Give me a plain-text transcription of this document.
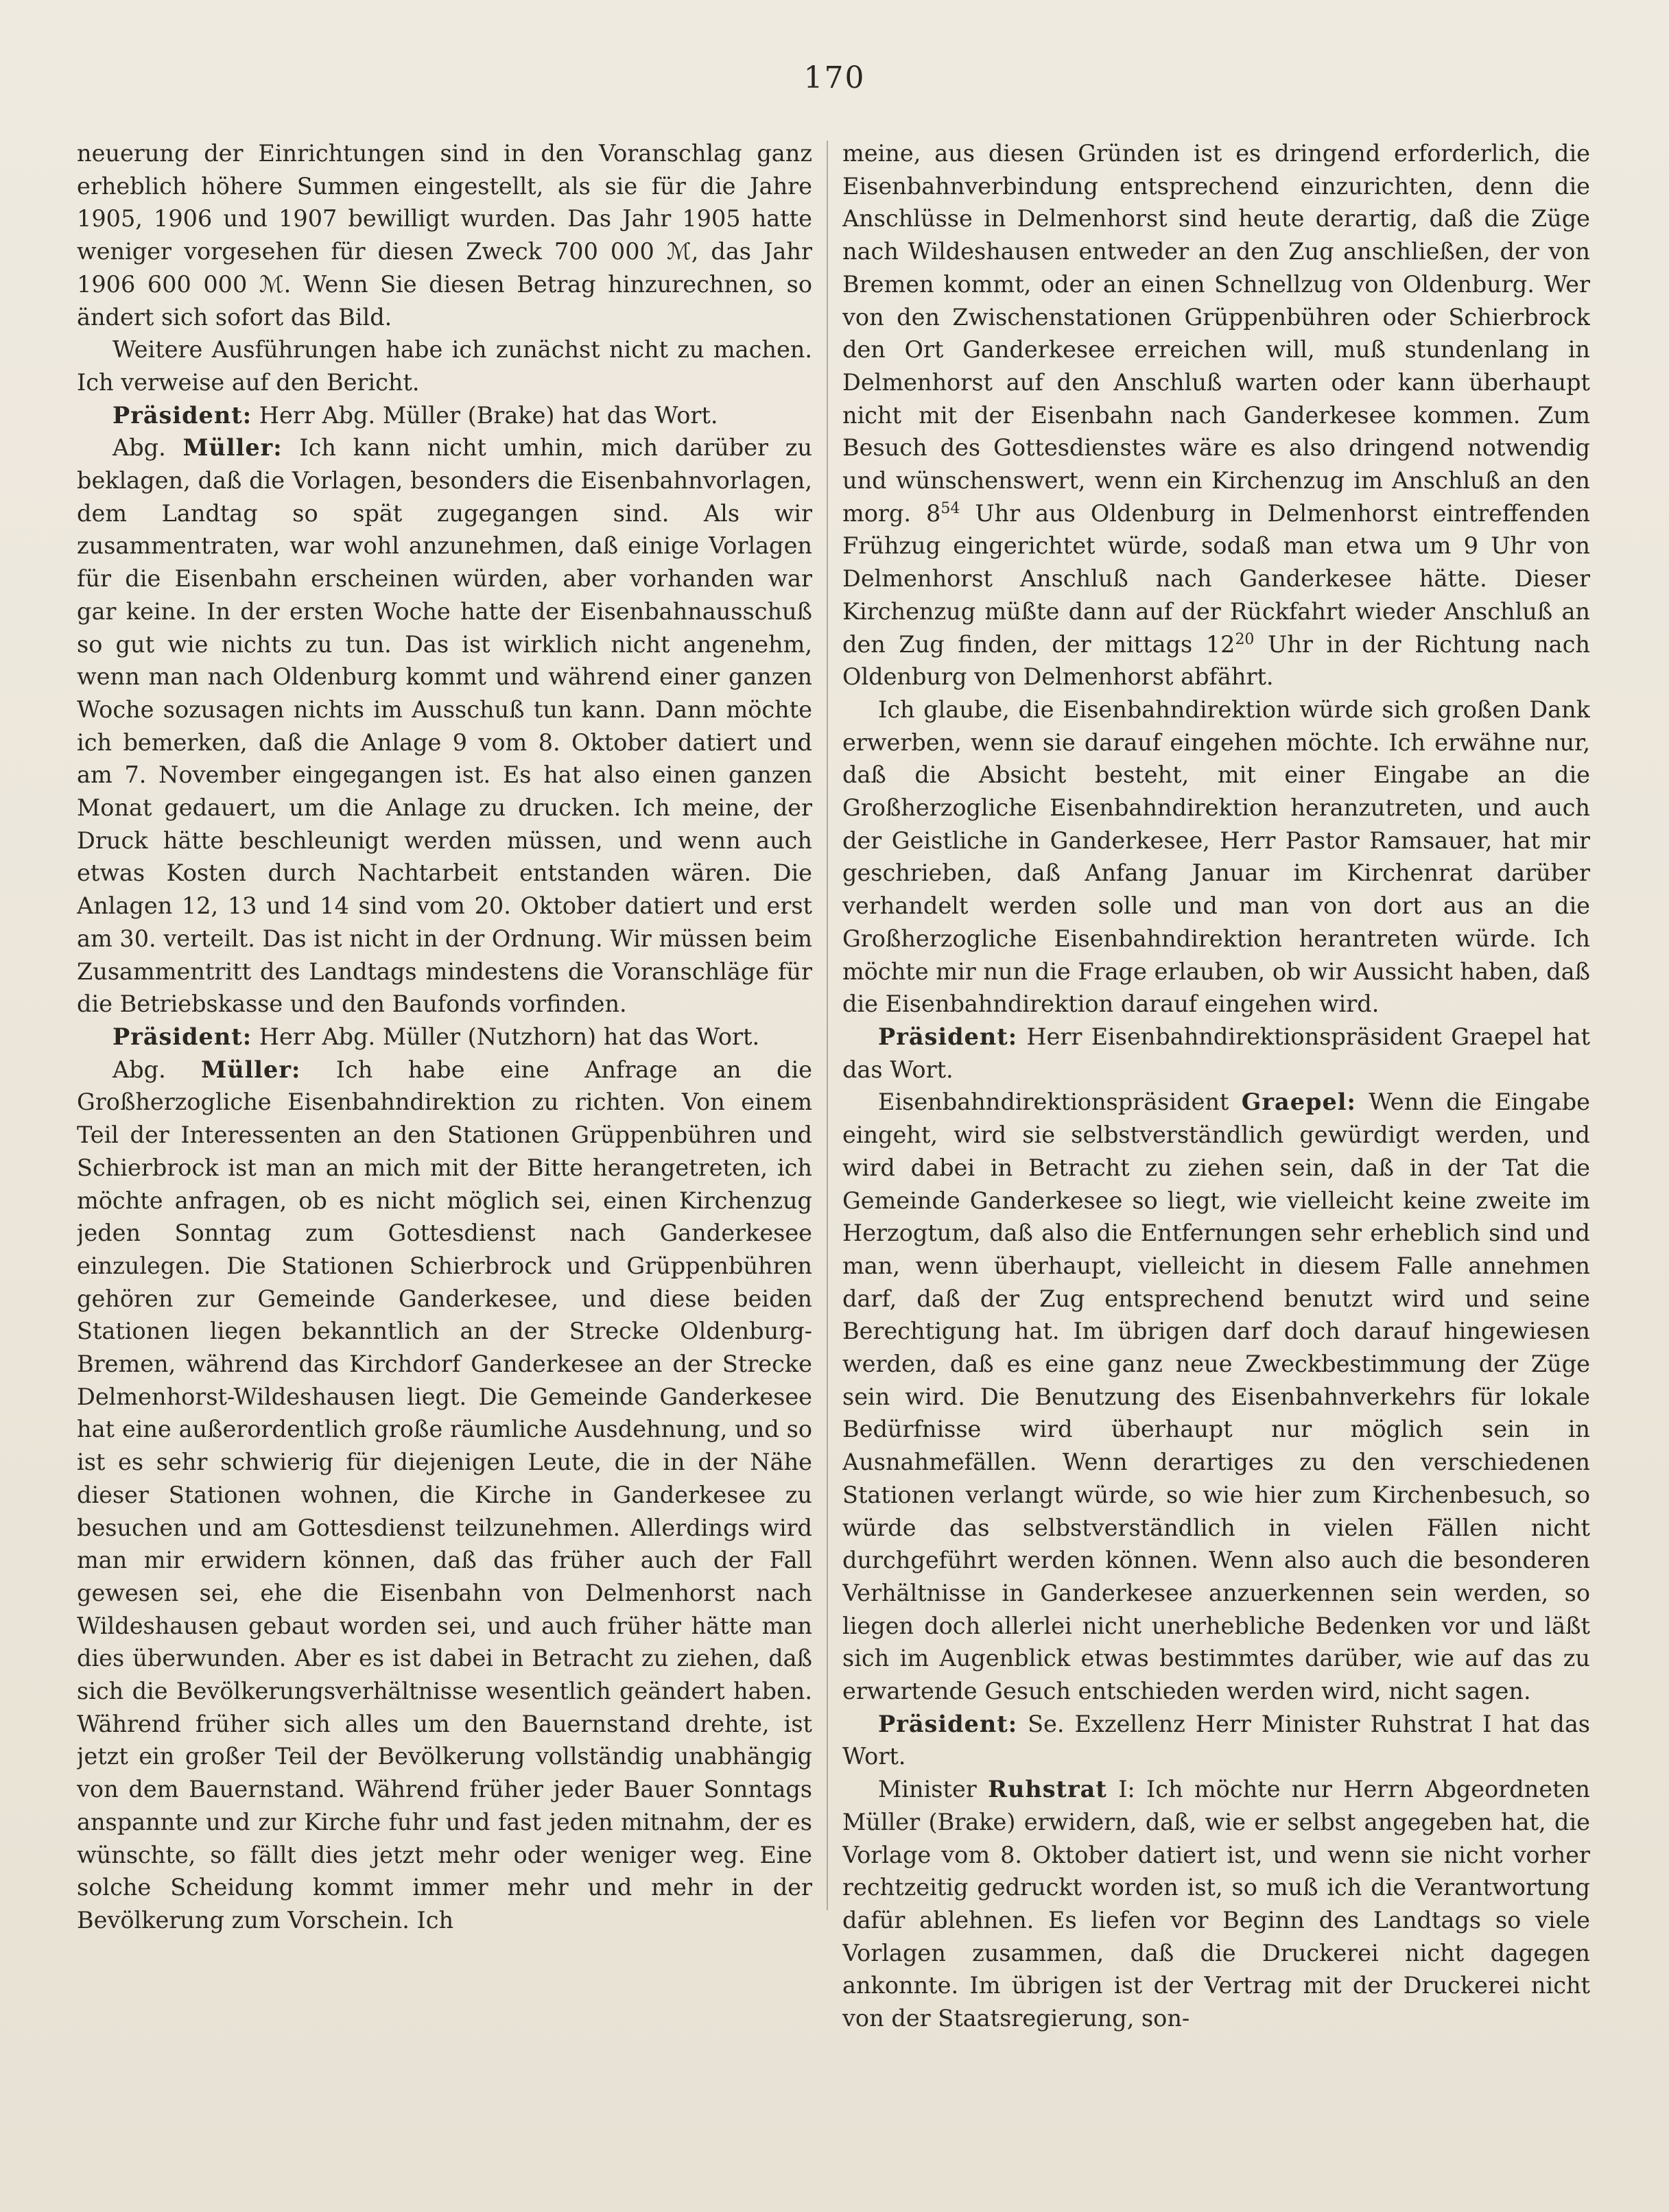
170

neuerung der Einrichtungen sind in den Voranschlag ganz erheblich höhere Summen eingestellt, als sie für die Jahre 1905, 1906 und 1907 bewilligt wurden. Das Jahr 1905 hatte weniger vorgesehen für diesen Zweck 700 000 ℳ, das Jahr 1906 600 000 ℳ. Wenn Sie diesen Betrag hinzurechnen, so ändert sich sofort das Bild.

Weitere Ausführungen habe ich zunächst nicht zu machen. Ich verweise auf den Bericht.

Präsident: Herr Abg. Müller (Brake) hat das Wort.

Abg. Müller: Ich kann nicht umhin, mich darüber zu beklagen, daß die Vorlagen, besonders die Eisenbahnvorlagen, dem Landtag so spät zugegangen sind. Als wir zusammentraten, war wohl anzunehmen, daß einige Vorlagen für die Eisenbahn erscheinen würden, aber vorhanden war gar keine. In der ersten Woche hatte der Eisenbahnausschuß so gut wie nichts zu tun. Das ist wirklich nicht angenehm, wenn man nach Oldenburg kommt und während einer ganzen Woche sozusagen nichts im Ausschuß tun kann. Dann möchte ich bemerken, daß die Anlage 9 vom 8. Oktober datiert und am 7. November eingegangen ist. Es hat also einen ganzen Monat gedauert, um die Anlage zu drucken. Ich meine, der Druck hätte beschleunigt werden müssen, und wenn auch etwas Kosten durch Nachtarbeit entstanden wären. Die Anlagen 12, 13 und 14 sind vom 20. Oktober datiert und erst am 30. verteilt. Das ist nicht in der Ordnung. Wir müssen beim Zusammentritt des Landtags mindestens die Voranschläge für die Betriebskasse und den Baufonds vorfinden.

Präsident: Herr Abg. Müller (Nutzhorn) hat das Wort.

Abg. Müller: Ich habe eine Anfrage an die Großherzogliche Eisenbahndirektion zu richten. Von einem Teil der Interessenten an den Stationen Grüppenbühren und Schierbrock ist man an mich mit der Bitte herangetreten, ich möchte anfragen, ob es nicht möglich sei, einen Kirchenzug jeden Sonntag zum Gottesdienst nach Ganderkesee einzulegen. Die Stationen Schierbrock und Grüppenbühren gehören zur Gemeinde Ganderkesee, und diese beiden Stationen liegen bekanntlich an der Strecke Oldenburg-Bremen, während das Kirchdorf Ganderkesee an der Strecke Delmenhorst-Wildeshausen liegt. Die Gemeinde Ganderkesee hat eine außerordentlich große räumliche Ausdehnung, und so ist es sehr schwierig für diejenigen Leute, die in der Nähe dieser Stationen wohnen, die Kirche in Ganderkesee zu besuchen und am Gottesdienst teilzunehmen. Allerdings wird man mir erwidern können, daß das früher auch der Fall gewesen sei, ehe die Eisenbahn von Delmenhorst nach Wildeshausen gebaut worden sei, und auch früher hätte man dies überwunden. Aber es ist dabei in Betracht zu ziehen, daß sich die Bevölkerungsverhältnisse wesentlich geändert haben. Während früher sich alles um den Bauernstand drehte, ist jetzt ein großer Teil der Bevölkerung vollständig unabhängig von dem Bauernstand. Während früher jeder Bauer Sonntags anspannte und zur Kirche fuhr und fast jeden mitnahm, der es wünschte, so fällt dies jetzt mehr oder weniger weg. Eine solche Scheidung kommt immer mehr und mehr in der Bevölkerung zum Vorschein. Ich

meine, aus diesen Gründen ist es dringend erforderlich, die Eisenbahnverbindung entsprechend einzurichten, denn die Anschlüsse in Delmenhorst sind heute derartig, daß die Züge nach Wildeshausen entweder an den Zug anschließen, der von Bremen kommt, oder an einen Schnellzug von Oldenburg. Wer von den Zwischenstationen Grüppenbühren oder Schierbrock den Ort Ganderkesee erreichen will, muß stundenlang in Delmenhorst auf den Anschluß warten oder kann überhaupt nicht mit der Eisenbahn nach Ganderkesee kommen. Zum Besuch des Gottesdienstes wäre es also dringend notwendig und wünschenswert, wenn ein Kirchenzug im Anschluß an den morg. $8^{54}$ Uhr aus Oldenburg in Delmenhorst eintreffenden Frühzug eingerichtet würde, sodaß man etwa um 9 Uhr von Delmenhorst Anschluß nach Ganderkesee hätte. Dieser Kirchenzug müßte dann auf der Rückfahrt wieder Anschluß an den Zug finden, der mittags $12^{20}$ Uhr in der Richtung nach Oldenburg von Delmenhorst abfährt.

Ich glaube, die Eisenbahndirektion würde sich großen Dank erwerben, wenn sie darauf eingehen möchte. Ich erwähne nur, daß die Absicht besteht, mit einer Eingabe an die Großherzogliche Eisenbahndirektion heranzutreten, und auch der Geistliche in Ganderkesee, Herr Pastor Ramsauer, hat mir geschrieben, daß Anfang Januar im Kirchenrat darüber verhandelt werden solle und man von dort aus an die Großherzogliche Eisenbahndirektion herantreten würde. Ich möchte mir nun die Frage erlauben, ob wir Aussicht haben, daß die Eisenbahndirektion darauf eingehen wird.

Präsident: Herr Eisenbahndirektionspräsident Graepel hat das Wort.

Eisenbahndirektionspräsident Graepel: Wenn die Eingabe eingeht, wird sie selbstverständlich gewürdigt werden, und wird dabei in Betracht zu ziehen sein, daß in der Tat die Gemeinde Ganderkesee so liegt, wie vielleicht keine zweite im Herzogtum, daß also die Entfernungen sehr erheblich sind und man, wenn überhaupt, vielleicht in diesem Falle annehmen darf, daß der Zug entsprechend benutzt wird und seine Berechtigung hat. Im übrigen darf doch darauf hingewiesen werden, daß es eine ganz neue Zweckbestimmung der Züge sein wird. Die Benutzung des Eisenbahnverkehrs für lokale Bedürfnisse wird überhaupt nur möglich sein in Ausnahmefällen. Wenn derartiges zu den verschiedenen Stationen verlangt würde, so wie hier zum Kirchenbesuch, so würde das selbstverständlich in vielen Fällen nicht durchgeführt werden können. Wenn also auch die besonderen Verhältnisse in Ganderkesee anzuerkennen sein werden, so liegen doch allerlei nicht unerhebliche Bedenken vor und läßt sich im Augenblick etwas bestimmtes darüber, wie auf das zu erwartende Gesuch entschieden werden wird, nicht sagen.

Präsident: Se. Exzellenz Herr Minister Ruhstrat I hat das Wort.

Minister Ruhstrat I: Ich möchte nur Herrn Abgeordneten Müller (Brake) erwidern, daß, wie er selbst angegeben hat, die Vorlage vom 8. Oktober datiert ist, und wenn sie nicht vorher rechtzeitig gedruckt worden ist, so muß ich die Verantwortung dafür ablehnen. Es liefen vor Beginn des Landtags so viele Vorlagen zusammen, daß die Druckerei nicht dagegen ankonnte. Im übrigen ist der Vertrag mit der Druckerei nicht von der Staatsregierung, son-
